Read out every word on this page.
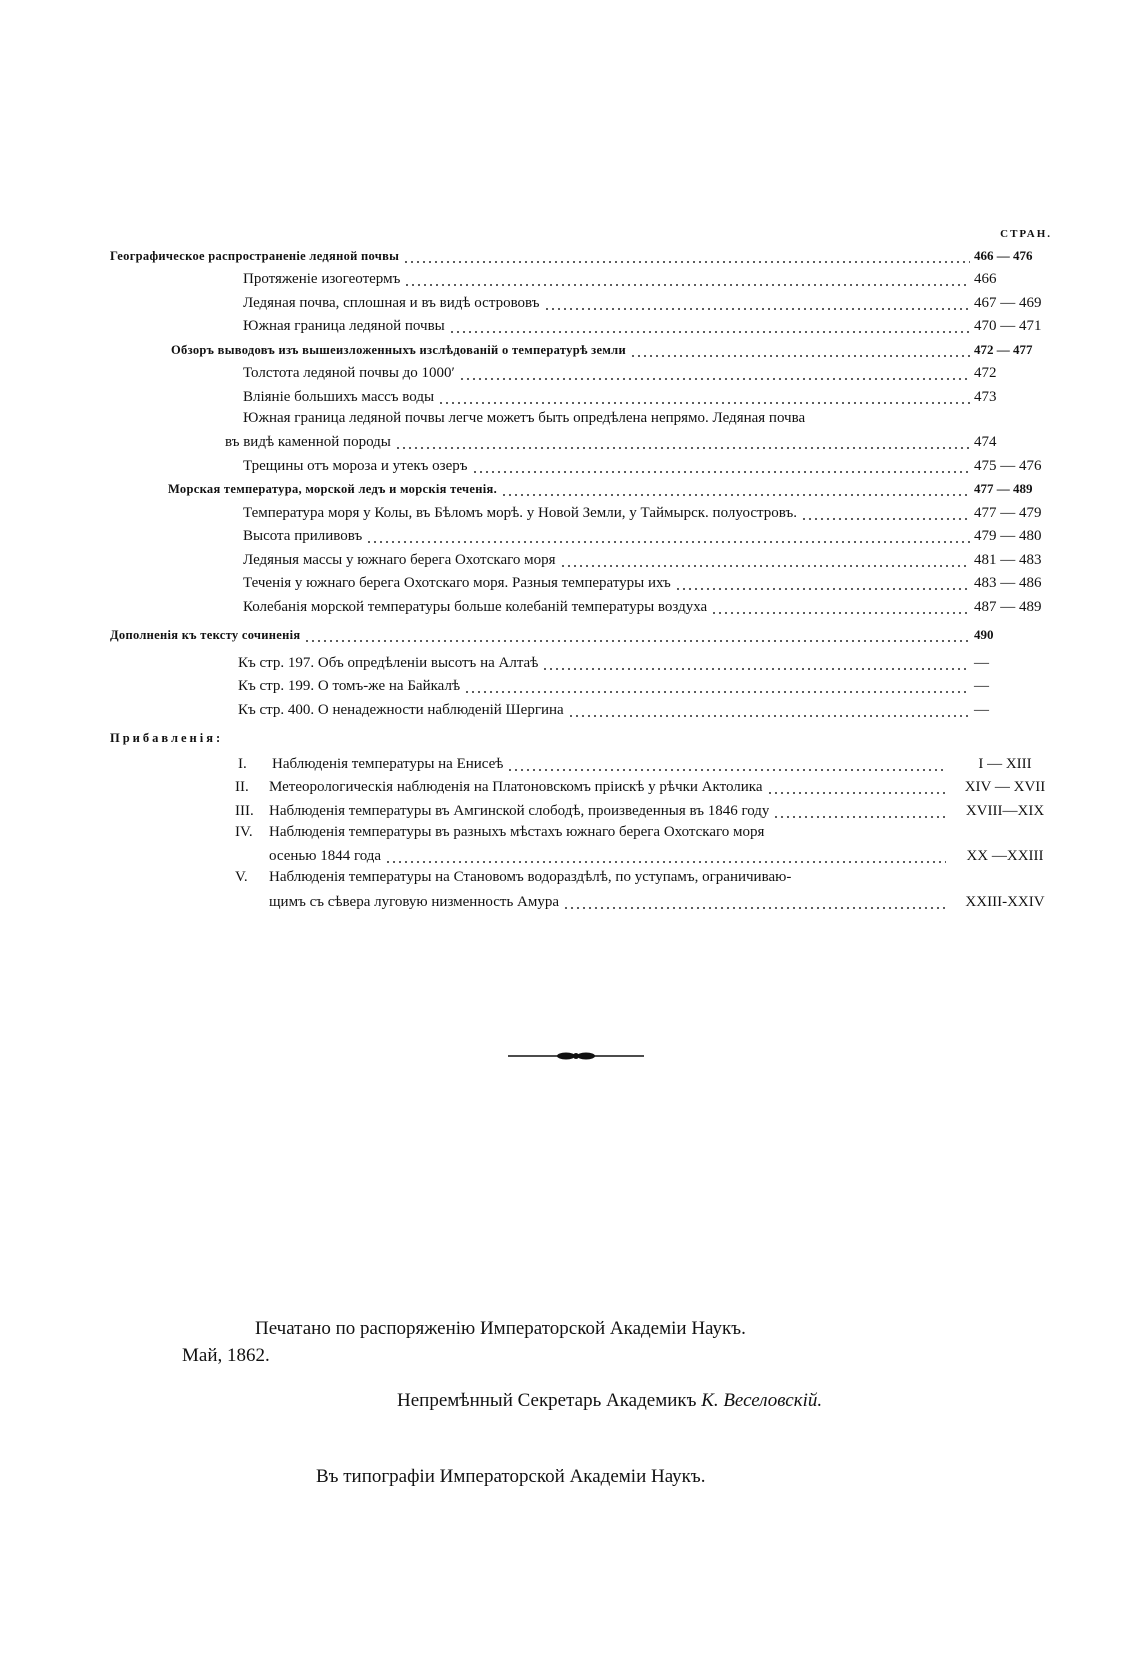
СТРАН.
Географическое распространеніе ледяной почвы	466 — 476
Протяженіе изогеотермъ	466
Ледяная почва, сплошная и въ видѣ острововъ	467 — 469
Южная граница ледяной почвы	470 — 471
Обзоръ выводовъ изъ вышеизложенныхъ изслѣдованій о температурѣ земли	472 — 477
Толстота ледяной почвы до 1000′	472
Вліяніе большихъ массъ воды	473
Южная граница ледяной почвы легче можетъ быть опредѣлена непрямо. Ледяная почва
въ видѣ каменной породы	474
Трещины отъ мороза и утекъ озеръ	475 — 476
Морская температура, морской ледъ и морскія теченія.	477 — 489
Температура моря у Колы, въ Бѣломъ морѣ. у Новой Земли, у Таймырск. полуостровъ.	477 — 479
Высота приливовъ	479 — 480
Ледяныя массы у южнаго берега Охотскаго моря	481 — 483
Теченія у южнаго берега Охотскаго моря. Разныя температуры ихъ	483 — 486
Колебанія морской температуры больше колебаній температуры воздуха	487 — 489
Дополненія къ тексту сочиненія	490
Къ стр. 197. Объ опредѣленіи высотъ на Алтаѣ	—
Къ стр. 199. О томъ-же на Байкалѣ	—
Къ стр. 400. О ненадежности наблюденій Шергина	—
Прибавленія:
I. Наблюденія температуры на Енисеѣ	I — XIII
II. Метеорологическія наблюденія на Платоновскомъ пріискѣ у рѣчки Актолика	XIV — XVII
III. Наблюденія температуры въ Амгинской слободѣ, произведенныя въ 1846 году	XVIII—XIX
IV. Наблюденія температуры въ разныхъ мѣстахъ южнаго берега Охотскаго моря
осенью 1844 года	XX —XXIII
V. Наблюденія температуры на Становомъ водораздѣлѣ, по уступамъ, ограничиваю-
щимъ съ сѣвера луговую низменность Амура	XXIII-XXIV
Печатано по распоряженію Императорской Академіи Наукъ.
Май, 1862.
Непремѣнный Секретарь Академикъ К. Веселовскій.
Въ типографіи Императорской Академіи Наукъ.
